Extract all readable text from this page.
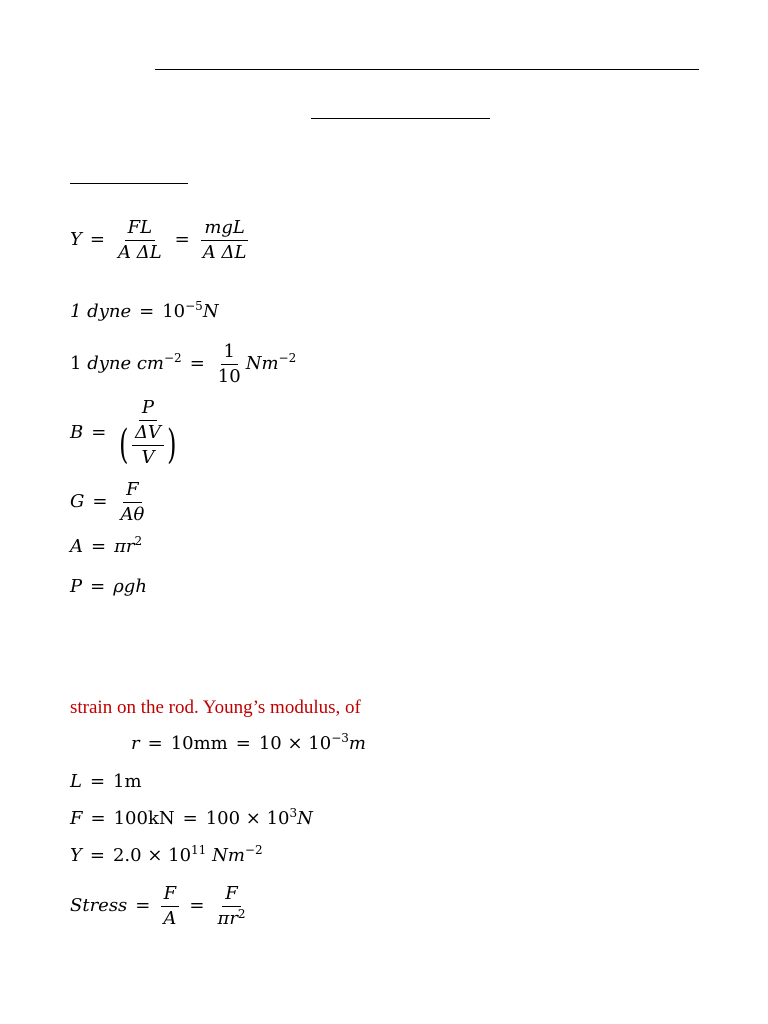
$Y = \frac{FL}{\text{A ΔL}} = \frac{\text{mgL}}{\text{A ΔL}}$
1 dyne = $10^{-5}$ N
1
dyne $cm^{-2} = \frac{1}{10} Nm^{-2}$
$B = \frac{P}{( \frac{\Delta V}{V} )}$
$G = \frac{F}{A\theta}$
$A = \pi r^2$
P = ρgh
strain on the rod. Young’s modulus, of
$r = 10mm = 10 \times 10^{-3}$ m
L = 1m
$F = 100kN = 100 \times 10^3$ N
$Y = 2.0 \times 10^{11}$
$Nm^{-2}$
Stress = $\frac{F}{A} = \frac{F}{\pi r^2}$
